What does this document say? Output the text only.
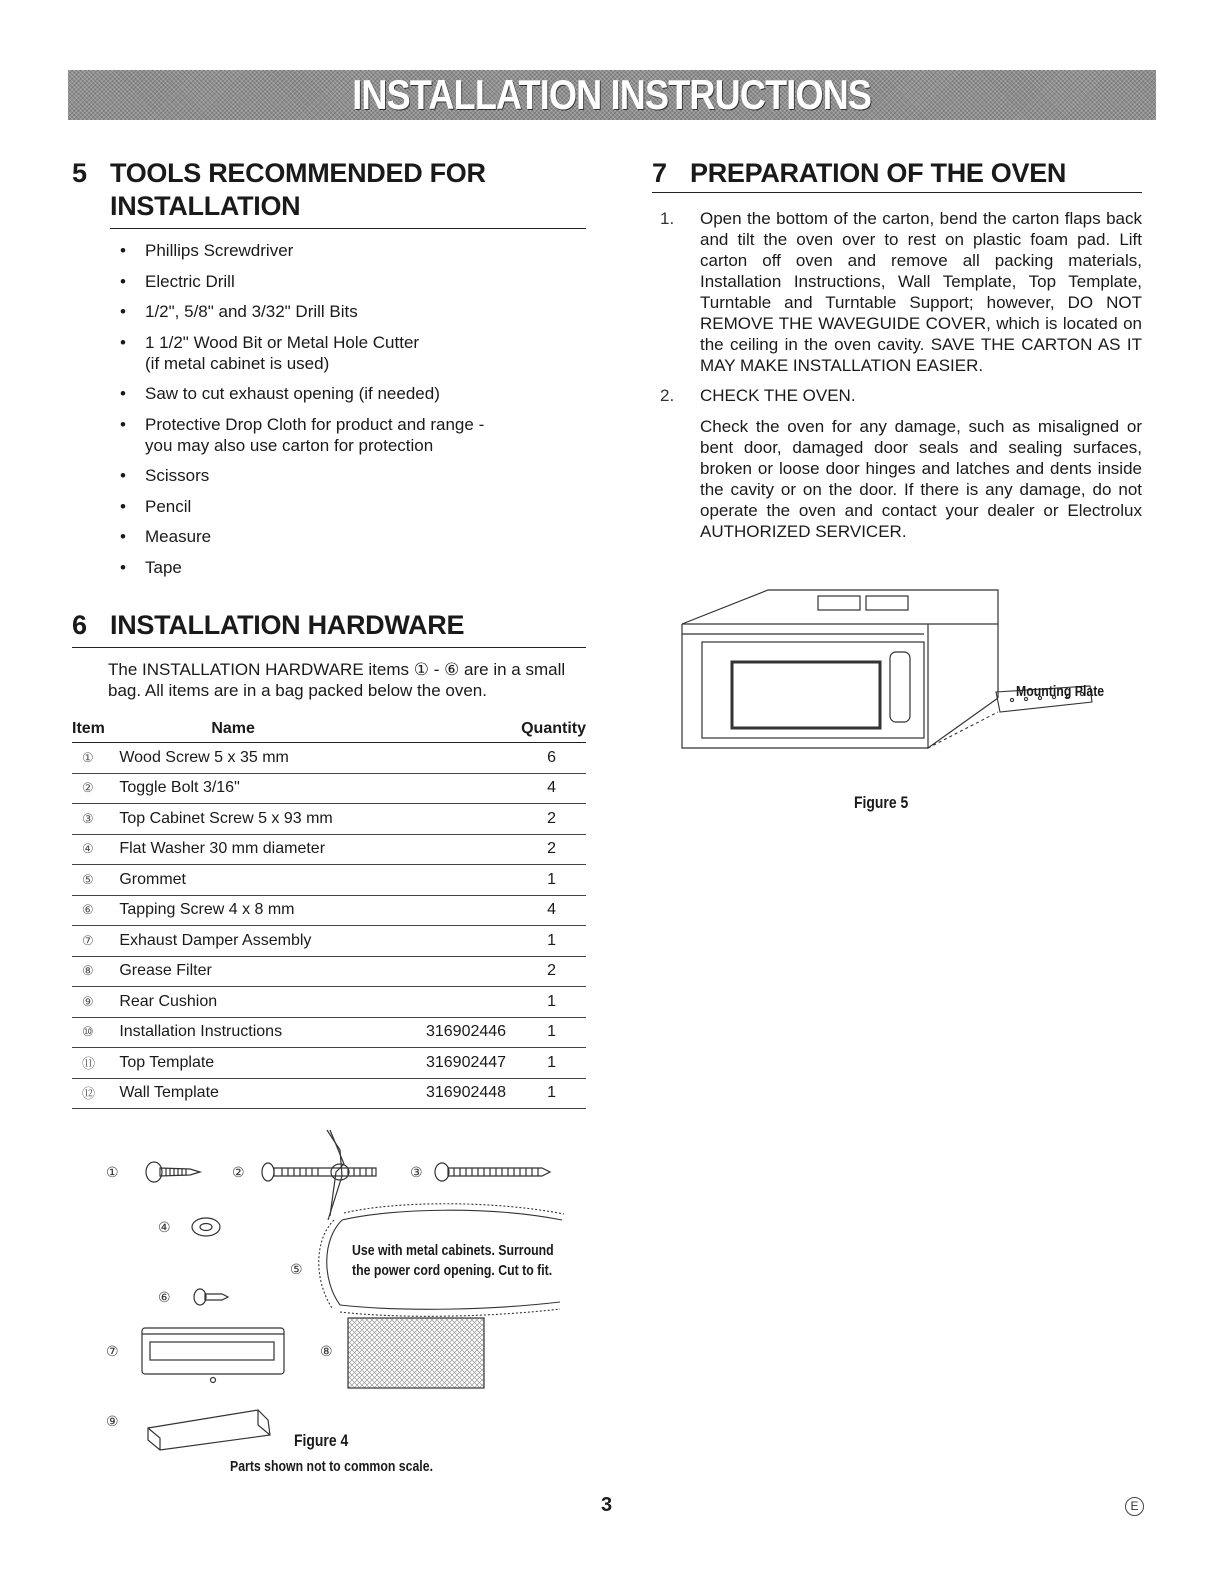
INSTALLATION INSTRUCTIONS
5 TOOLS RECOMMENDED FOR
INSTALLATION
• Phillips Screwdriver
• Electric Drill
• 1/2", 5/8" and 3/32" Drill Bits
• 1 1/2" Wood Bit or Metal Hole Cutter
(if metal cabinet is used)
• Saw to cut exhaust opening (if needed)
• Protective Drop Cloth for product and range -
you may also use carton for protection
• Scissors
• Pencil
• Measure
• Tape
6 INSTALLATION HARDWARE
The INSTALLATION HARDWARE items ① - ⑥ are in a small bag. All items are in a bag packed below the oven.
Item	Name		Quantity
①	Wood Screw 5 x 35 mm		6
②	Toggle Bolt 3/16"		4
③	Top Cabinet Screw 5 x 93 mm		2
④	Flat Washer 30 mm diameter		2
⑤	Grommet		1
⑥	Tapping Screw 4 x 8 mm		4
⑦	Exhaust Damper Assembly		1
⑧	Grease Filter		2
⑨	Rear Cushion		1
⑩	Installation Instructions	316902446	1
⑪	Top Template	316902447	1
⑫	Wall Template	316902448	1
①	②	③
④
⑤
⑥
⑦	⑧
⑨
Use with metal cabinets. Surround
the power cord opening. Cut to fit.
Figure 4
Parts shown not to common scale.
7 PREPARATION OF THE OVEN
1. Open the bottom of the carton, bend the carton flaps back and tilt the oven over to rest on plastic foam pad. Lift carton off oven and remove all packing materials, Installation Instructions, Wall Template, Top Template, Turntable and Turntable Support; however, DO NOT REMOVE THE WAVEGUIDE COVER, which is located on the ceiling in the oven cavity. SAVE THE CARTON AS IT MAY MAKE INSTALLATION EASIER.
2. CHECK THE OVEN.
Check the oven for any damage, such as misaligned or bent door, damaged door seals and sealing surfaces, broken or loose door hinges and latches and dents inside the cavity or on the door. If there is any damage, do not operate the oven and contact your dealer or Electrolux AUTHORIZED SERVICER.
Mounting Plate
Figure 5
3	E
